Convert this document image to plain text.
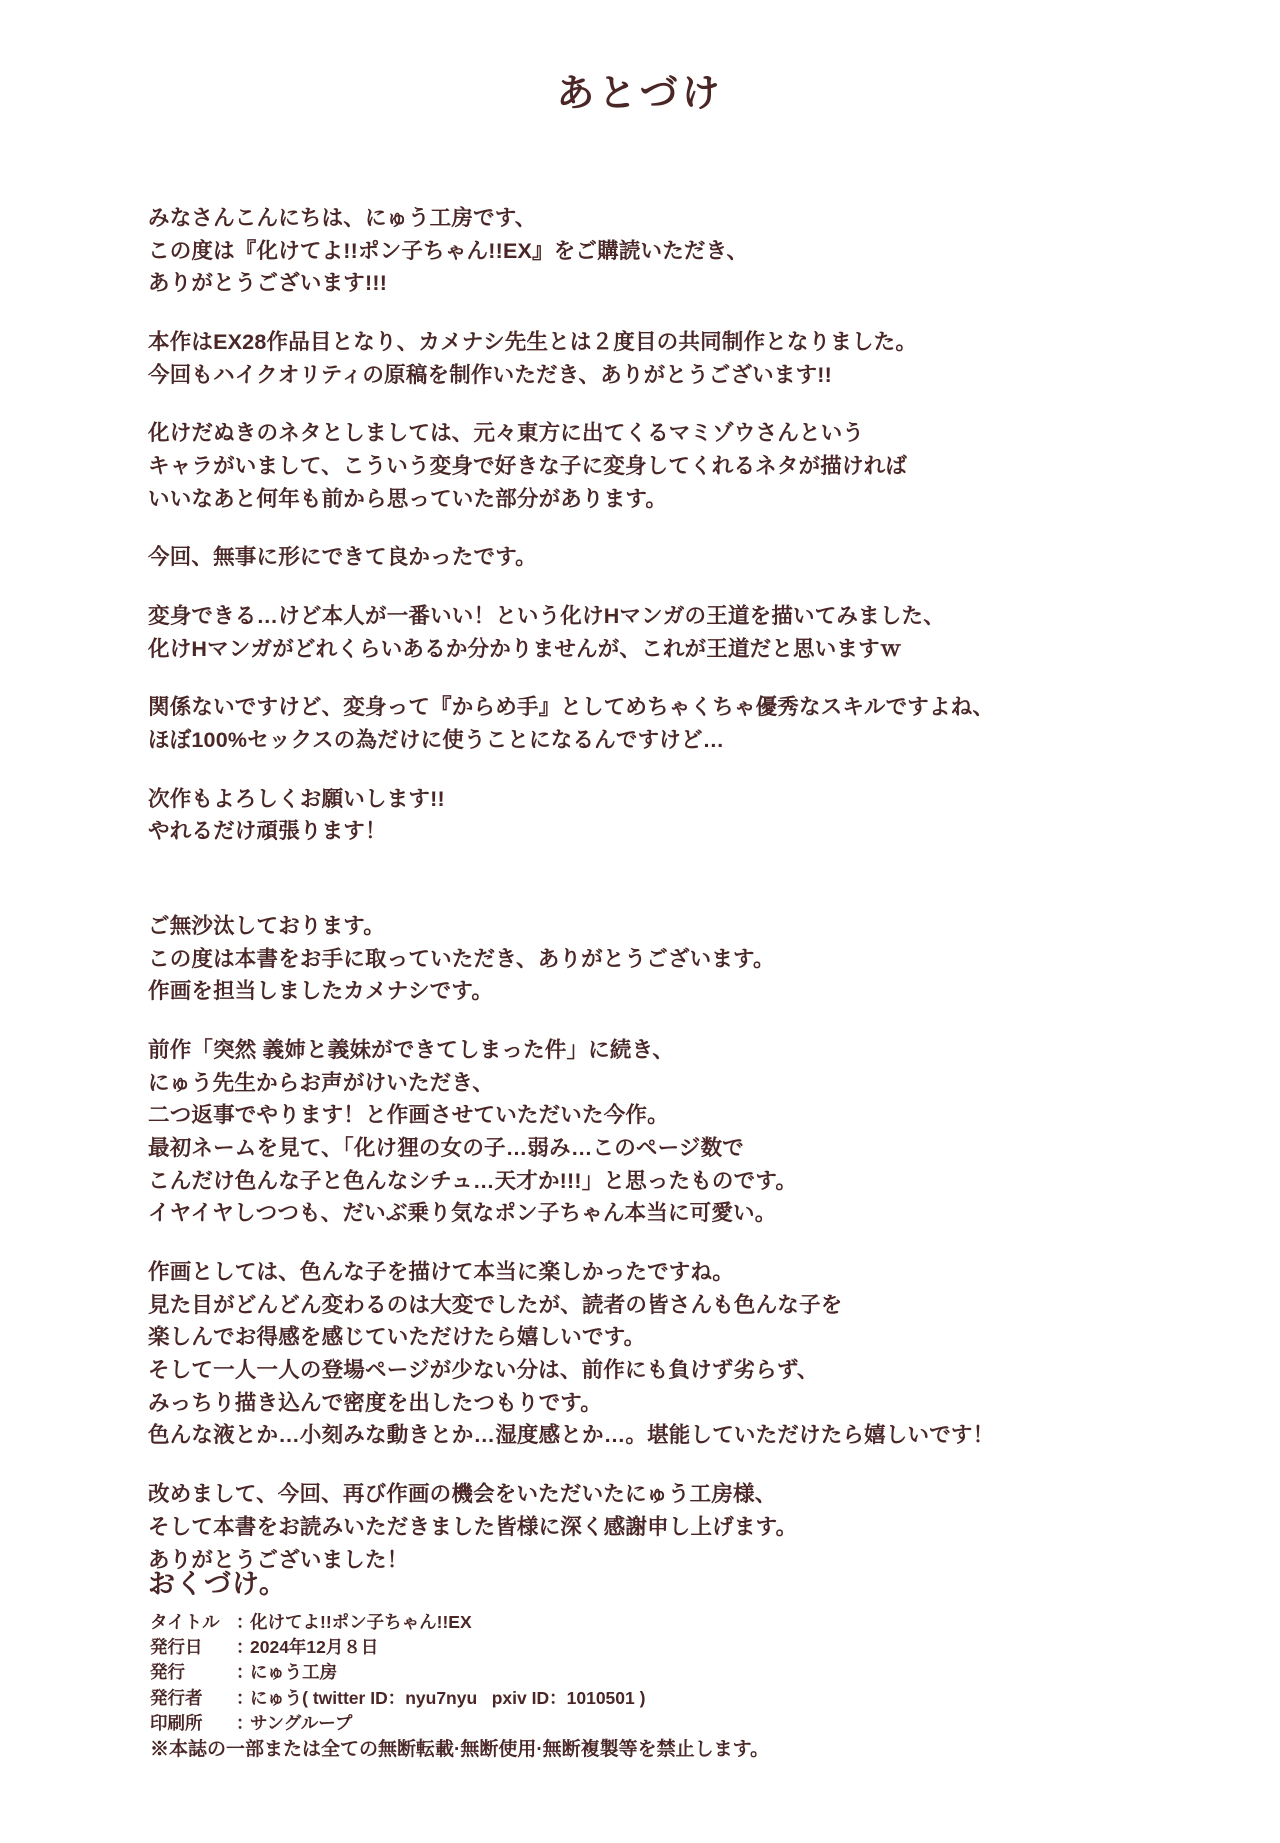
あとづけ
みなさんこんにちは、にゅう工房です、
この度は『化けてよ!!ポン子ちゃん!!EX』をご購読いただき、
ありがとうございます!!!
本作はEX28作品目となり、カメナシ先生とは２度目の共同制作となりました。
今回もハイクオリティの原稿を制作いただき、ありがとうございます!!
化けだぬきのネタとしましては、元々東方に出てくるマミゾウさんという
キャラがいまして、こういう変身で好きな子に変身してくれるネタが描ければ
いいなあと何年も前から思っていた部分があります。
今回、無事に形にできて良かったです。
変身できる…けど本人が一番いい！という化けHマンガの王道を描いてみました、
化けHマンガがどれくらいあるか分かりませんが、これが王道だと思いますｗ
関係ないですけど、変身って『からめ手』としてめちゃくちゃ優秀なスキルですよね、
ほぼ100%セックスの為だけに使うことになるんですけど…
次作もよろしくお願いします!!
やれるだけ頑張ります！
ご無沙汰しております。
この度は本書をお手に取っていただき、ありがとうございます。
作画を担当しましたカメナシです。
前作「突然 義姉と義妹ができてしまった件」に続き、
にゅう先生からお声がけいただき、
二つ返事でやります！と作画させていただいた今作。
最初ネームを見て、「化け狸の女の子…弱み…このページ数で
こんだけ色んな子と色んなシチュ…天才か!!!」と思ったものです。
イヤイヤしつつも、だいぶ乗り気なポン子ちゃん本当に可愛い。
作画としては、色んな子を描けて本当に楽しかったですね。
見た目がどんどん変わるのは大変でしたが、読者の皆さんも色んな子を
楽しんでお得感を感じていただけたら嬉しいです。
そして一人一人の登場ページが少ない分は、前作にも負けず劣らず、
みっちり描き込んで密度を出したつもりです。
色んな液とか…小刻みな動きとか…湿度感とか…。堪能していただけたら嬉しいです！
改めまして、今回、再び作画の機会をいただいたにゅう工房様、
そして本書をお読みいただきました皆様に深く感謝申し上げます。
ありがとうございました！
おくづけ。
タイトル ：
化けてよ!!ポン子ちゃん!!EX
発行日	：
2024年12月８日
発行	：
にゅう工房
発行者	：
にゅう( twitter ID：nyu7nyu   pxiv ID：1010501 )
印刷所	：
サングループ
※本誌の一部または全ての無断転載·無断使用·無断複製等を禁止します。
